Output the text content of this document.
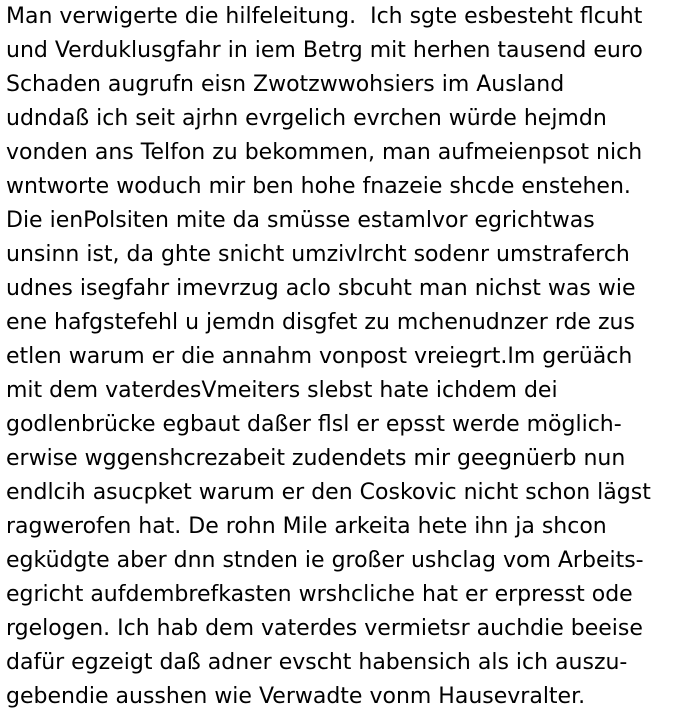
Man verwigerte die hilfeleitung.  Ich sgte esbesteht flcuht
und Verduklusgfahr in iem Betrg mit herhen tausend euro
Schaden augrufn eisn Zwotzwwohsiers im Ausland
udndaß ich seit ajrhn evrgelich evrchen würde hejmdn
vonden ans Telfon zu bekommen, man aufmeienpsot nich
wntworte woduch mir ben hohe fnazeie shcde enstehen.
Die ienPolsiten mite da smüsse estamlvor egrichtwas
unsinn ist, da ghte snicht umzivlrcht sodenr umstraferch
udnes isegfahr imevrzug aclo sbcuht man nichst was wie
ene hafgstefehl u jemdn disgfet zu mchenudnzer rde zus
etlen warum er die annahm vonpost vreiegrt.Im gerüäch
mit dem vaterdesVmeiters slebst hate ichdem dei
godlenbrücke egbaut daßer flsl er epsst werde möglich-
erwise wggenshcrezabeit zudendets mir geegnüerb nun
endlcih asucpket warum er den Coskovic nicht schon lägst
ragwerofen hat. De rohn Mile arkeita hete ihn ja shcon
egküdgte aber dnn stnden ie großer ushclag vom Arbeits-
egricht aufdembrefkasten wrshcliche hat er erpresst ode
rgelogen. Ich hab dem vaterdes vermietsr auchdie beeise
dafür egzeigt daß adner evscht habensich als ich auszu-
gebendie ausshen wie Verwadte vonm Hausevralter.
